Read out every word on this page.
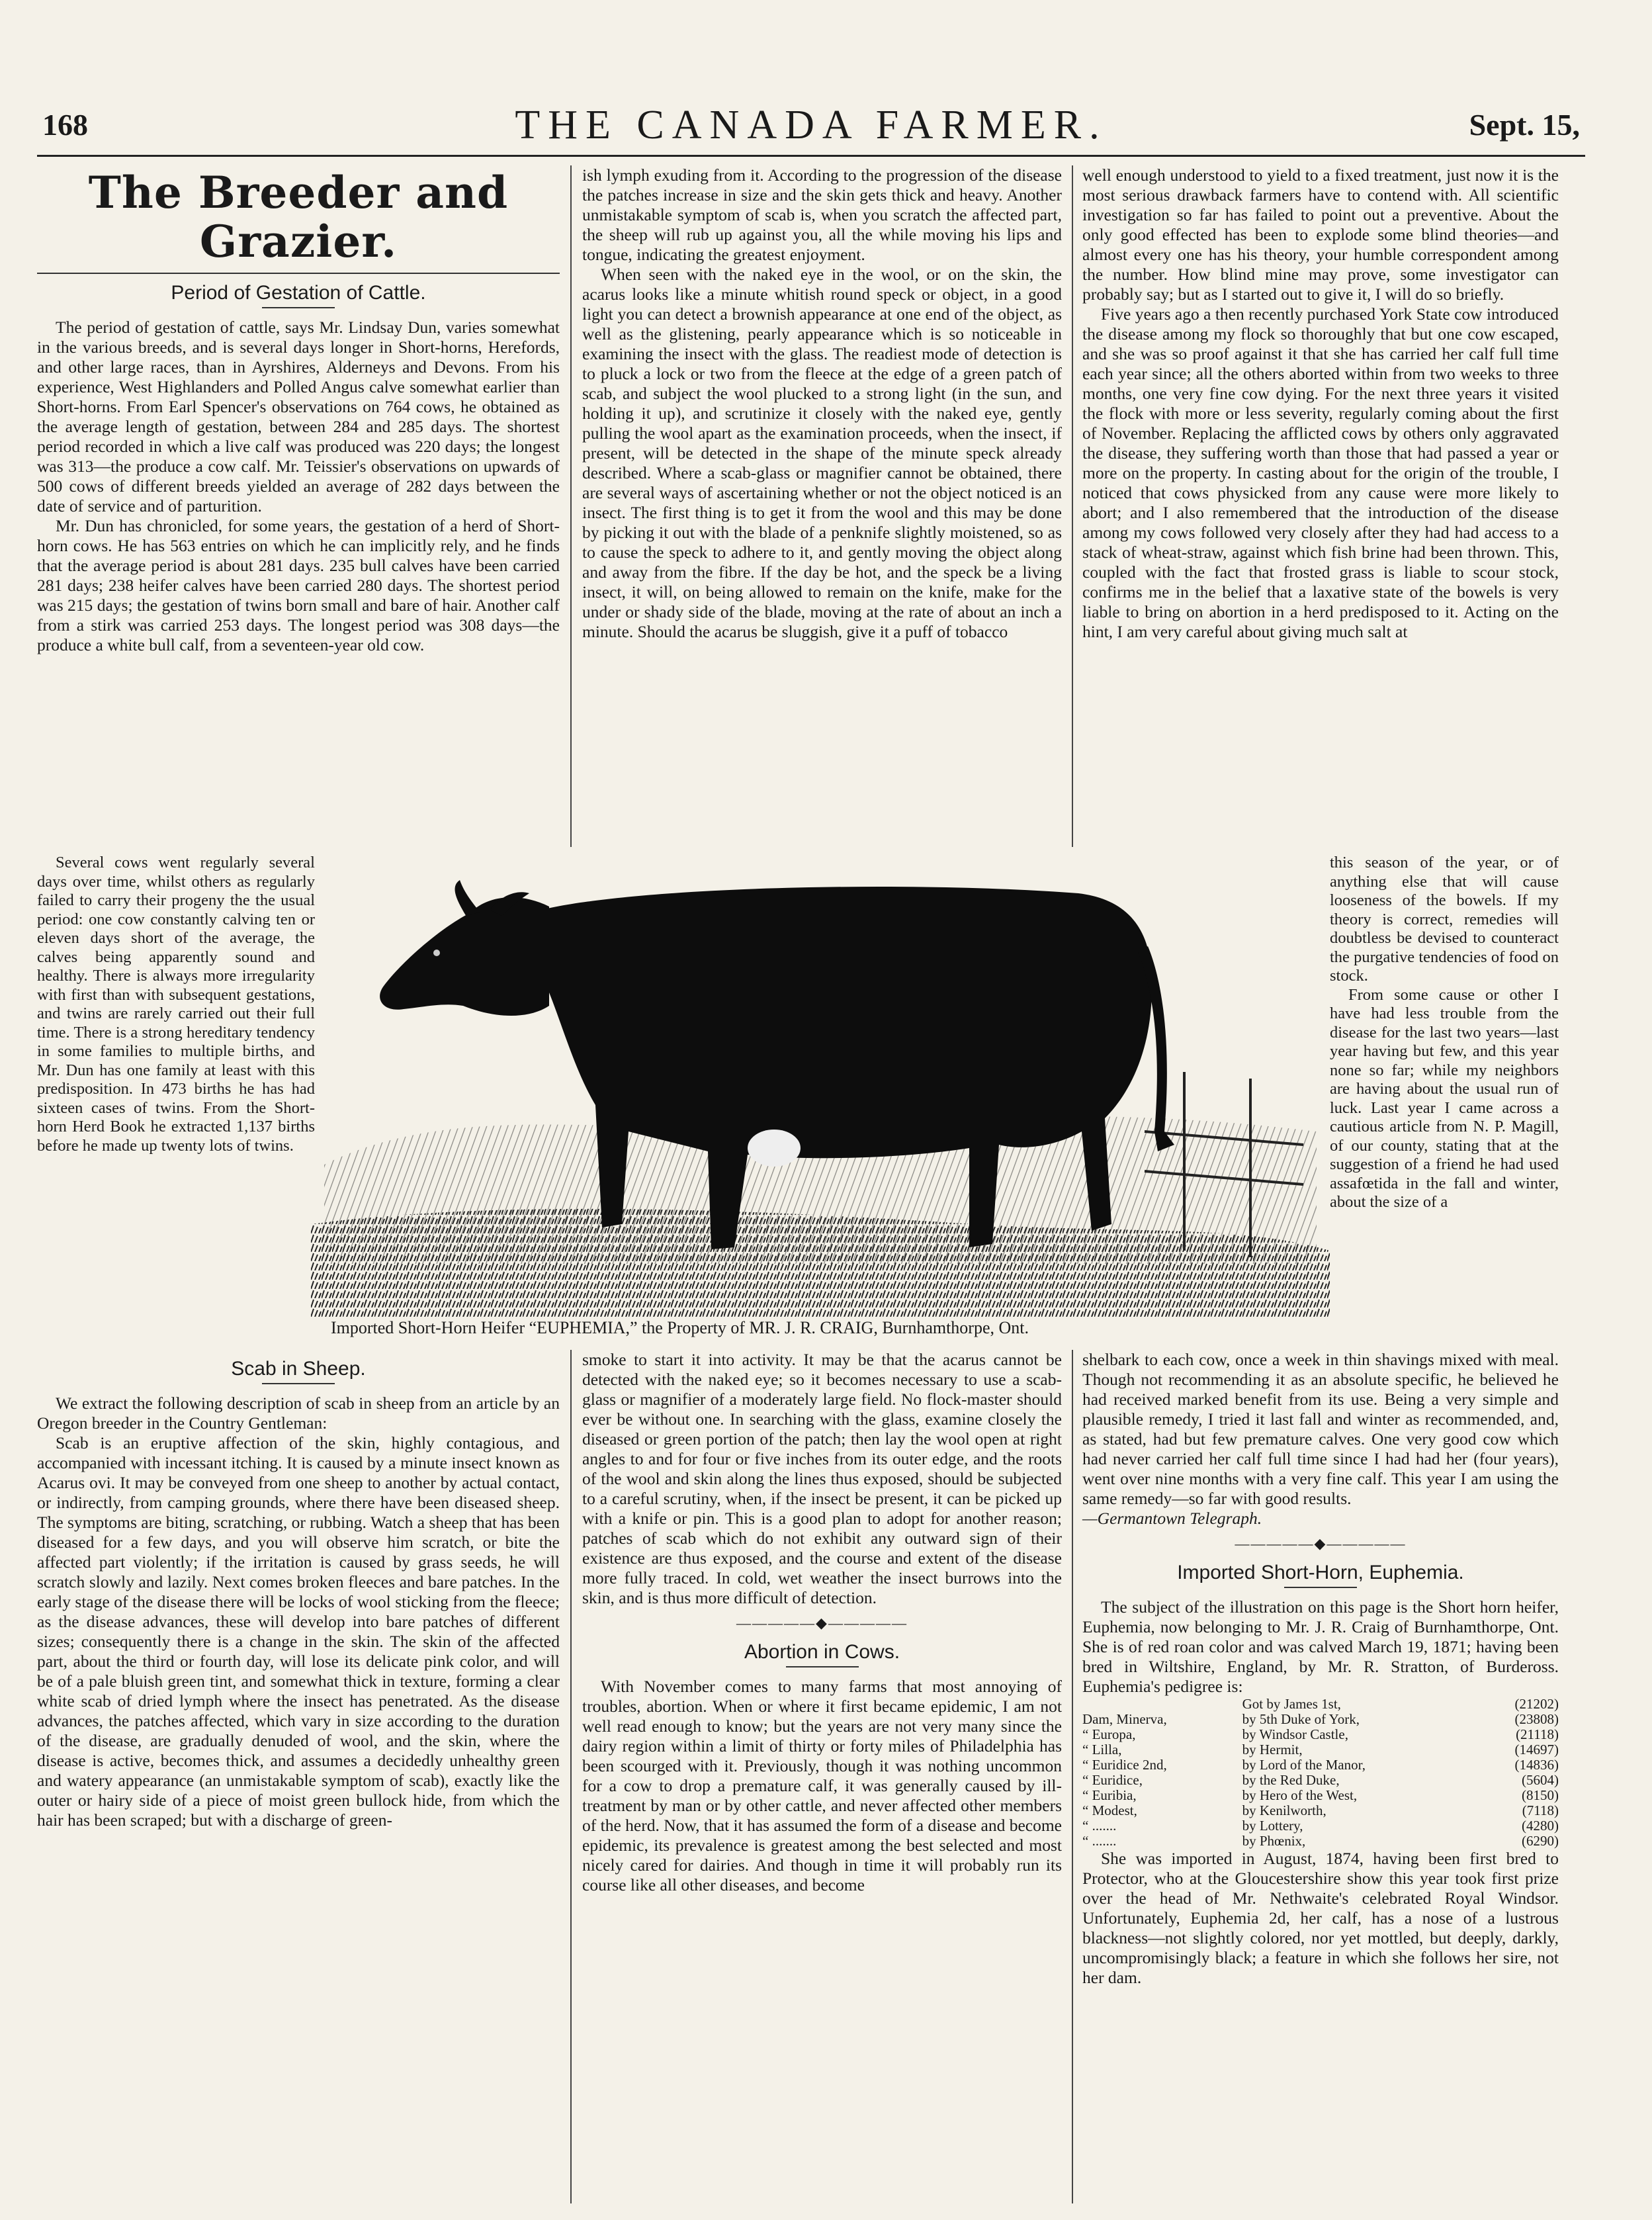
168	THE CANADA FARMER.	Sept. 15,
The Breeder and Grazier.
Period of Gestation of Cattle.

The period of gestation of cattle, says Mr. Lindsay Dun, varies somewhat in the various breeds, and is several days longer in Short-horns, Herefords, and other large races, than in Ayrshires, Alderneys and Devons. From his experience, West Highlanders and Polled Angus calve somewhat earlier than Short-horns. From Earl Spencer's observations on 764 cows, he obtained as the average length of gestation, between 284 and 285 days. The shortest period recorded in which a live calf was produced was 220 days; the longest was 313—the produce a cow calf. Mr. Teissier's observations on upwards of 500 cows of different breeds yielded an average of 282 days between the date of service and of parturition.

Mr. Dun has chronicled, for some years, the gestation of a herd of Short-horn cows. He has 563 entries on which he can implicitly rely, and he finds that the average period is about 281 days. 235 bull calves have been carried 281 days; 238 heifer calves have been carried 280 days. The shortest period was 215 days; the gestation of twins born small and bare of hair. Another calf from a stirk was carried 253 days. The longest period was 308 days—the produce a white bull calf, from a seventeen-year old cow.

Several cows went regularly several days over time, whilst others as regularly failed to carry their progeny the the usual period: one cow constantly calving ten or eleven days short of the average, the calves being apparently sound and healthy. There is always more irregularity with first than with subsequent gestations, and twins are rarely carried out their full time. There is a strong hereditary tendency in some families to multiple births, and Mr. Dun has one family at least with this predisposition. In 473 births he has had sixteen cases of twins. From the Short-horn Herd Book he extracted 1,137 births before he made up twenty lots of twins.

ish lymph exuding from it. According to the progression of the disease the patches increase in size and the skin gets thick and heavy. Another unmistakable symptom of scab is, when you scratch the affected part, the sheep will rub up against you, all the while moving his lips and tongue, indicating the greatest enjoyment.

When seen with the naked eye in the wool, or on the skin, the acarus looks like a minute whitish round speck or object, in a good light you can detect a brownish appearance at one end of the object, as well as the glistening, pearly appearance which is so noticeable in examining the insect with the glass. The readiest mode of detection is to pluck a lock or two from the fleece at the edge of a green patch of scab, and subject the wool plucked to a strong light (in the sun, and holding it up), and scrutinize it closely with the naked eye, gently pulling the wool apart as the examination proceeds, when the insect, if present, will be detected in the shape of the minute speck already described. Where a scab-glass or magnifier cannot be obtained, there are several ways of ascertaining whether or not the object noticed is an insect. The first thing is to get it from the wool and this may be done by picking it out with the blade of a penknife slightly moistened, so as to cause the speck to adhere to it, and gently moving the object along and away from the fibre. If the day be hot, and the speck be a living insect, it will, on being allowed to remain on the knife, make for the under or shady side of the blade, moving at the rate of about an inch a minute. Should the acarus be sluggish, give it a puff of tobacco

well enough understood to yield to a fixed treatment, just now it is the most serious drawback farmers have to contend with. All scientific investigation so far has failed to point out a preventive. About the only good effected has been to explode some blind theories—and almost every one has his theory, your humble correspondent among the number. How blind mine may prove, some investigator can probably say; but as I started out to give it, I will do so briefly.

Five years ago a then recently purchased York State cow introduced the disease among my flock so thoroughly that but one cow escaped, and she was so proof against it that she has carried her calf full time each year since; all the others aborted within from two weeks to three months, one very fine cow dying. For the next three years it visited the flock with more or less severity, regularly coming about the first of November. Replacing the afflicted cows by others only aggravated the disease, they suffering worth than those that had passed a year or more on the property. In casting about for the origin of the trouble, I noticed that cows physicked from any cause were more likely to abort; and I also remembered that the introduction of the disease among my cows followed very closely after they had had access to a stack of wheat-straw, against which fish brine had been thrown. This, coupled with the fact that frosted grass is liable to scour stock, confirms me in the belief that a laxative state of the bowels is very liable to bring on abortion in a herd predisposed to it. Acting on the hint, I am very careful about giving much salt at

this season of the year, or of anything else that will cause looseness of the bowels. If my theory is correct, remedies will doubtless be devised to counteract the purgative tendencies of food on stock.

From some cause or other I have had less trouble from the disease for the last two years—last year having but few, and this year none so far; while my neighbors are having about the usual run of luck. Last year I came across a cautious article from N. P. Magill, of our county, stating that at the suggestion of a friend he had used assafœtida in the fall and winter, about the size of a

Imported Short-Horn Heifer “EUPHEMIA,” the Property of MR. J. R. CRAIG, Burnhamthorpe, Ont.
Scab in Sheep.

We extract the following description of scab in sheep from an article by an Oregon breeder in the Country Gentleman:

Scab is an eruptive affection of the skin, highly contagious, and accompanied with incessant itching. It is caused by a minute insect known as Acarus ovi. It may be conveyed from one sheep to another by actual contact, or indirectly, from camping grounds, where there have been diseased sheep. The symptoms are biting, scratching, or rubbing. Watch a sheep that has been diseased for a few days, and you will observe him scratch, or bite the affected part violently; if the irritation is caused by grass seeds, he will scratch slowly and lazily. Next comes broken fleeces and bare patches. In the early stage of the disease there will be locks of wool sticking from the fleece; as the disease advances, these will develop into bare patches of different sizes; consequently there is a change in the skin. The skin of the affected part, about the third or fourth day, will lose its delicate pink color, and will be of a pale bluish green tint, and somewhat thick in texture, forming a clear white scab of dried lymph where the insect has penetrated. As the disease advances, the patches affected, which vary in size according to the duration of the disease, are gradually denuded of wool, and the skin, where the disease is active, becomes thick, and assumes a decidedly unhealthy green and watery appearance (an unmistakable symptom of scab), exactly like the outer or hairy side of a piece of moist green bullock hide, from which the hair has been scraped; but with a discharge of green-

smoke to start it into activity. It may be that the acarus cannot be detected with the naked eye; so it becomes necessary to use a scab-glass or magnifier of a moderately large field. No flock-master should ever be without one. In searching with the glass, examine closely the diseased or green portion of the patch; then lay the wool open at right angles to and for four or five inches from its outer edge, and the roots of the wool and skin along the lines thus exposed, should be subjected to a careful scrutiny, when, if the insect be present, it can be picked up with a knife or pin. This is a good plan to adopt for another reason; patches of scab which do not exhibit any outward sign of their existence are thus exposed, and the course and extent of the disease more fully traced. In cold, wet weather the insect burrows into the skin, and is thus more difficult of detection.

―――――◆―――――
Abortion in Cows.

With November comes to many farms that most annoying of troubles, abortion. When or where it first became epidemic, I am not well read enough to know; but the years are not very many since the dairy region within a limit of thirty or forty miles of Philadelphia has been scourged with it. Previously, though it was nothing uncommon for a cow to drop a premature calf, it was generally caused by ill-treatment by man or by other cattle, and never affected other members of the herd. Now, that it has assumed the form of a disease and become epidemic, its prevalence is greatest among the best selected and most nicely cared for dairies. And though in time it will probably run its course like all other diseases, and become

shelbark to each cow, once a week in thin shavings mixed with meal. Though not recommending it as an absolute specific, he believed he had received marked benefit from its use. Being a very simple and plausible remedy, I tried it last fall and winter as recommended, and, as stated, had but few premature calves. One very good cow which had never carried her calf full time since I had had her (four years), went over nine months with a very fine calf. This year I am using the same remedy—so far with good results.

—Germantown Telegraph.

―――――◆―――――
Imported Short-Horn, Euphemia.

The subject of the illustration on this page is the Short horn heifer, Euphemia, now belonging to Mr. J. R. Craig of Burnhamthorpe, Ont. She is of red roan color and was calved March 19, 1871; having been bred in Wiltshire, England, by Mr. R. Stratton, of Burdeross. Euphemia's pedigree is:

	Got by James 1st,	(21202)
Dam, Minerva,	by 5th Duke of York,	(23808)
“ Europa,	by Windsor Castle,	(21118)
“ Lilla,	by Hermit,	(14697)
“ Euridice 2nd,	by Lord of the Manor,	(14836)
“ Euridice,	by the Red Duke,	(5604)
“ Euribia,	by Hero of the West,	(8150)
“ Modest,	by Kenilworth,	(7118)
“ .......	by Lottery,	(4280)
“ .......	by Phœnix,	(6290)

She was imported in August, 1874, having been first bred to Protector, who at the Gloucestershire show this year took first prize over the head of Mr. Nethwaite's celebrated Royal Windsor. Unfortunately, Euphemia 2d, her calf, has a nose of a lustrous blackness—not slightly colored, nor yet mottled, but deeply, darkly, uncompromisingly black; a feature in which she follows her sire, not her dam.
